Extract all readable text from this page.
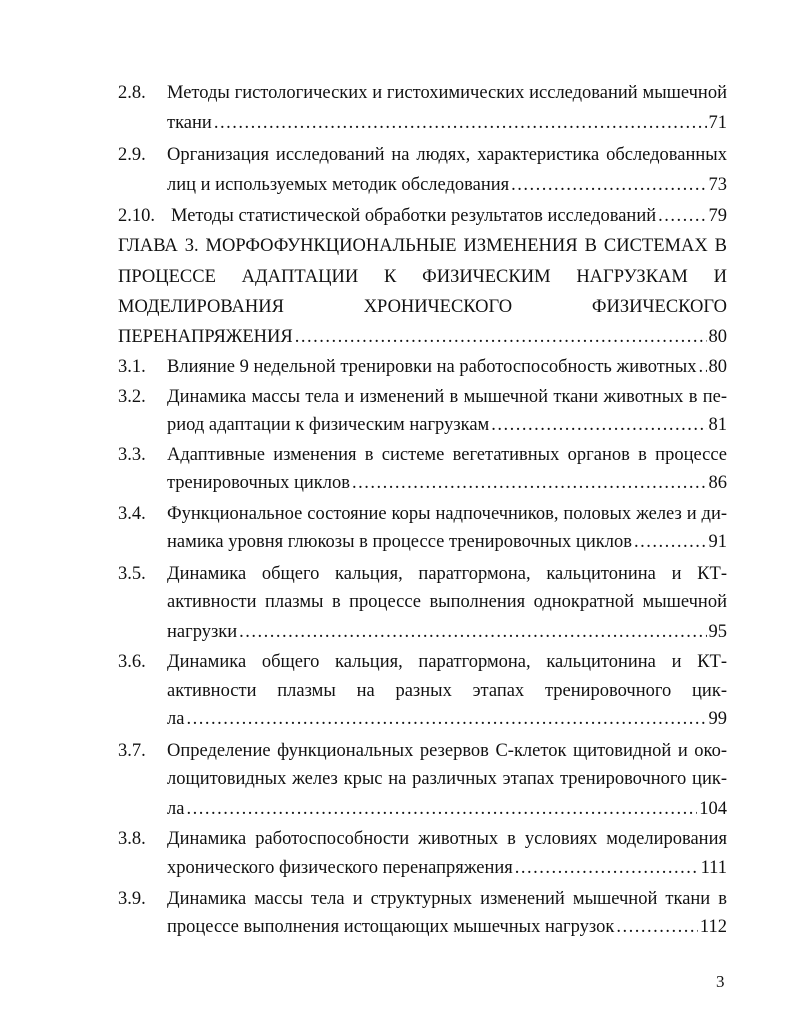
2.8. Методы гистологических и гистохимических исследований мышечной
ткани .....	71
2.9. Организация исследований на людях, характеристика обследованных
лиц и используемых методик обследования .....	73
2.10. Методы статистической обработки результатов исследований .....	79
ГЛАВА 3. МОРФОФУНКЦИОНАЛЬНЫЕ ИЗМЕНЕНИЯ В СИСТЕМАХ В
ПРОЦЕССЕ АДАПТАЦИИ К ФИЗИЧЕСКИМ НАГРУЗКАМ И
МОДЕЛИРОВАНИЯ ХРОНИЧЕСКОГО ФИЗИЧЕСКОГО
ПЕРЕНАПРЯЖЕНИЯ .....	80
3.1. Влияние 9 недельной тренировки на работоспособность животных ..... 80
3.2. Динамика массы тела и изменений в мышечной ткани животных в пе-
риод адаптации к физическим нагрузкам .....	81
3.3. Адаптивные изменения в системе вегетативных органов в процессе
тренировочных циклов .....	86
3.4. Функциональное состояние коры надпочечников, половых желез и ди-
намика уровня глюкозы в процессе тренировочных циклов .....	91
3.5. Динамика общего кальция, паратгормона, кальцитонина и КТ-
активности плазмы в процессе выполнения однократной мышечной
нагрузки .....	95
3.6. Динамика общего кальция, паратгормона, кальцитонина и КТ-
активности плазмы на разных этапах тренировочного цик-
ла .....	99
3.7. Определение функциональных резервов С-клеток щитовидной и око-
лощитовидных желез крыс на различных этапах тренировочного цик-
ла .....	104
3.8. Динамика работоспособности животных в условиях моделирования
хронического физического перенапряжения .....	111
3.9. Динамика массы тела и структурных изменений мышечной ткани в
процессе выполнения истощающих мышечных нагрузок .....	112
3
